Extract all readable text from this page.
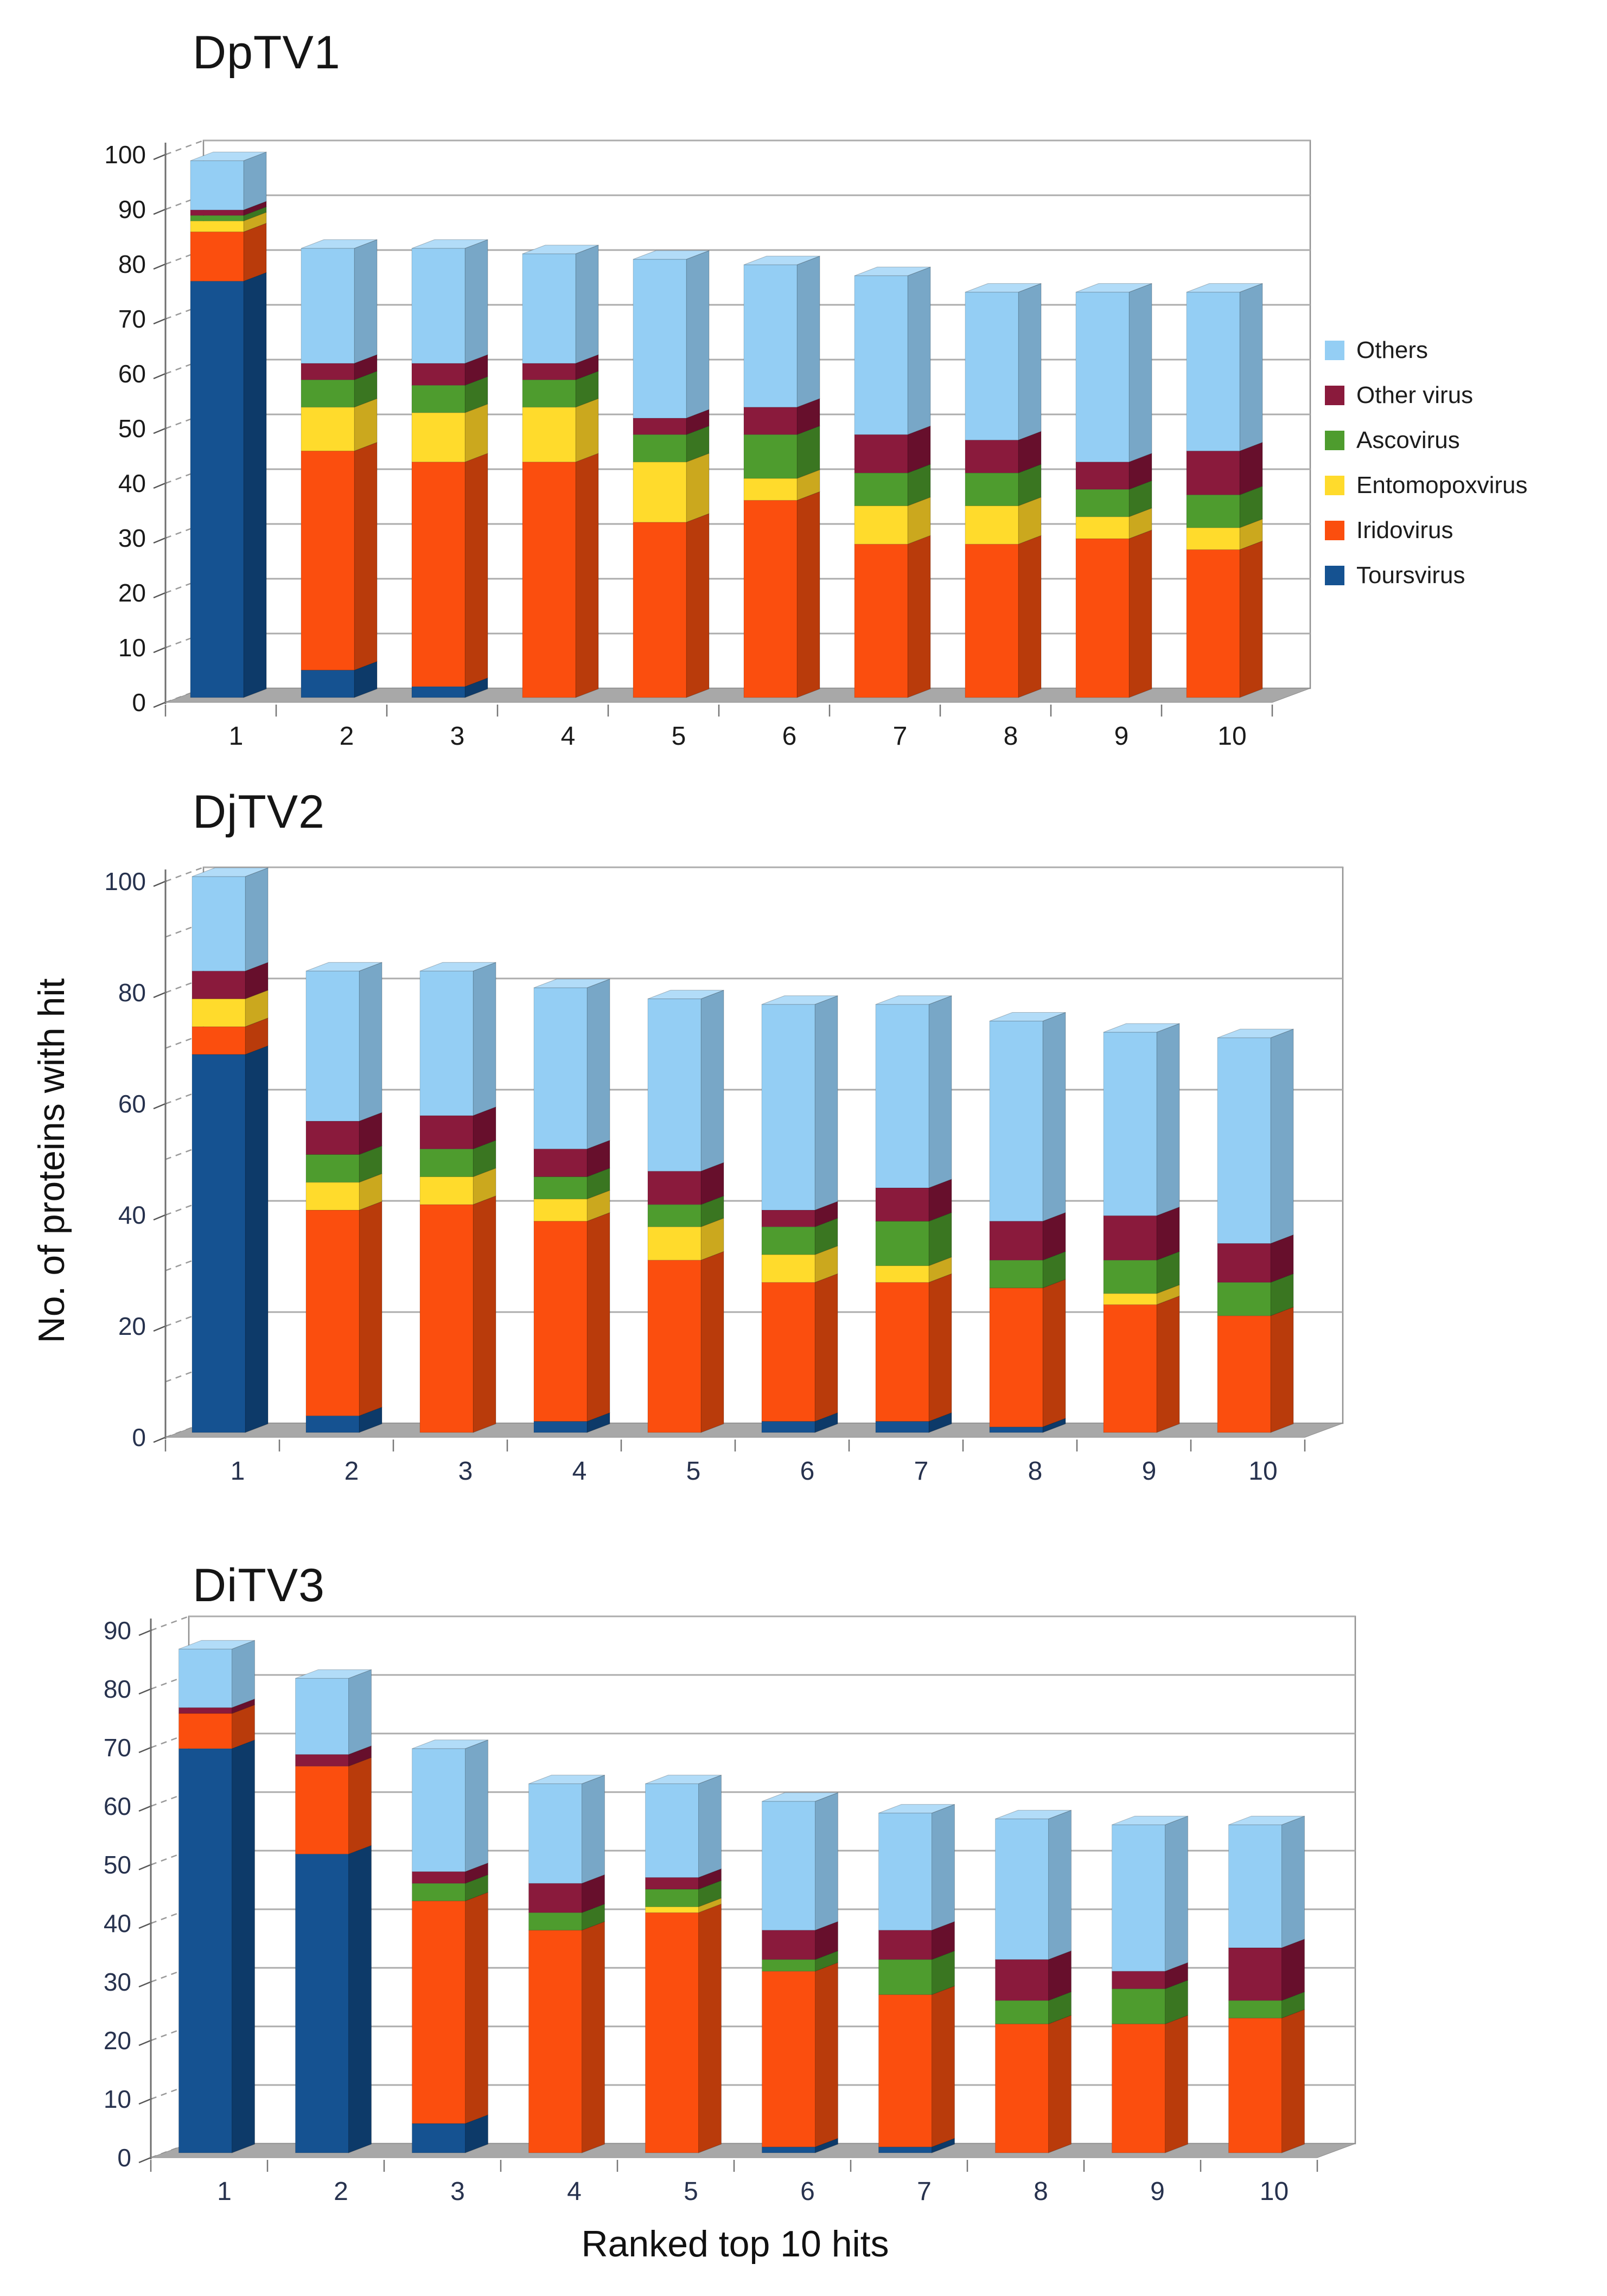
0
10
20
30
40
50
60
70
80
90
100
1	2	3	4	5	6	7	8	9	10
0
20
40
60
80
100
1	2	3	4	5	6	7	8	9	10
0
10
20
30
40
50
60
70
80
90
1	2	3	4	5	6	7	8	9	10
DpTV1
DjTV2
DiTV3
No. of proteins with hit
Ranked top 10 hits
Others
Other virus
Ascovirus
Entomopoxvirus
Iridovirus
Toursvirus
